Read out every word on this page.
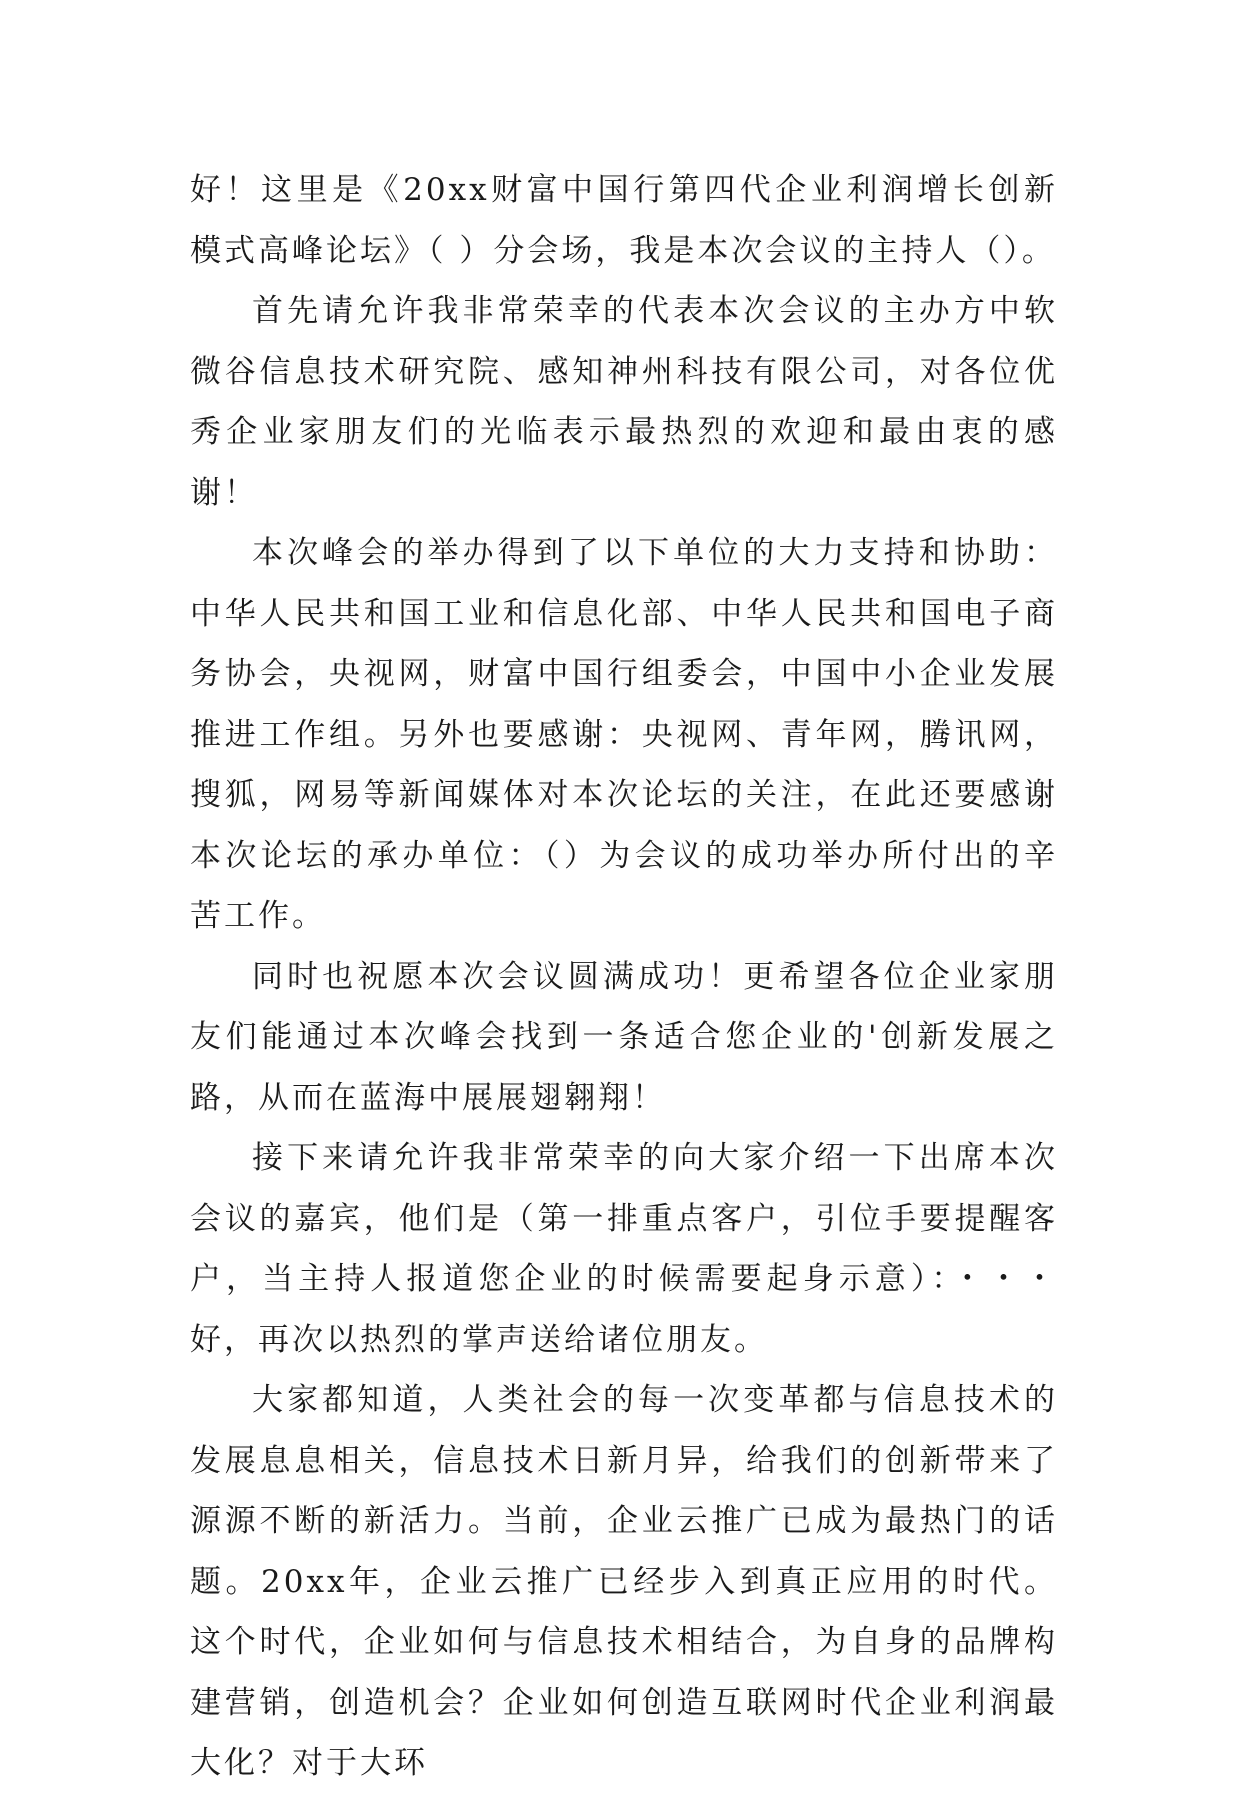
好！这里是《20xx财富中国行第四代企业利润增长创新模式高峰论坛》（ ）分会场，我是本次会议的主持人（）。

首先请允许我非常荣幸的代表本次会议的主办方中软微谷信息技术研究院、感知神州科技有限公司，对各位优秀企业家朋友们的光临表示最热烈的欢迎和最由衷的感谢！

本次峰会的举办得到了以下单位的大力支持和协助：中华人民共和国工业和信息化部、中华人民共和国电子商务协会，央视网，财富中国行组委会，中国中小企业发展推进工作组。另外也要感谢：央视网、青年网，腾讯网，搜狐，网易等新闻媒体对本次论坛的关注，在此还要感谢本次论坛的承办单位：（）为会议的成功举办所付出的辛苦工作。

同时也祝愿本次会议圆满成功！更希望各位企业家朋友们能通过本次峰会找到一条适合您企业的'创新发展之路，从而在蓝海中展展翅翱翔！

接下来请允许我非常荣幸的向大家介绍一下出席本次会议的嘉宾，他们是（第一排重点客户，引位手要提醒客户，当主持人报道您企业的时候需要起身示意）：・・・好，再次以热烈的掌声送给诸位朋友。

大家都知道，人类社会的每一次变革都与信息技术的发展息息相关，信息技术日新月异，给我们的创新带来了源源不断的新活力。当前，企业云推广已成为最热门的话题。20xx年，企业云推广已经步入到真正应用的时代。这个时代，企业如何与信息技术相结合，为自身的品牌构建营销，创造机会？企业如何创造互联网时代企业利润最大化？对于大环
